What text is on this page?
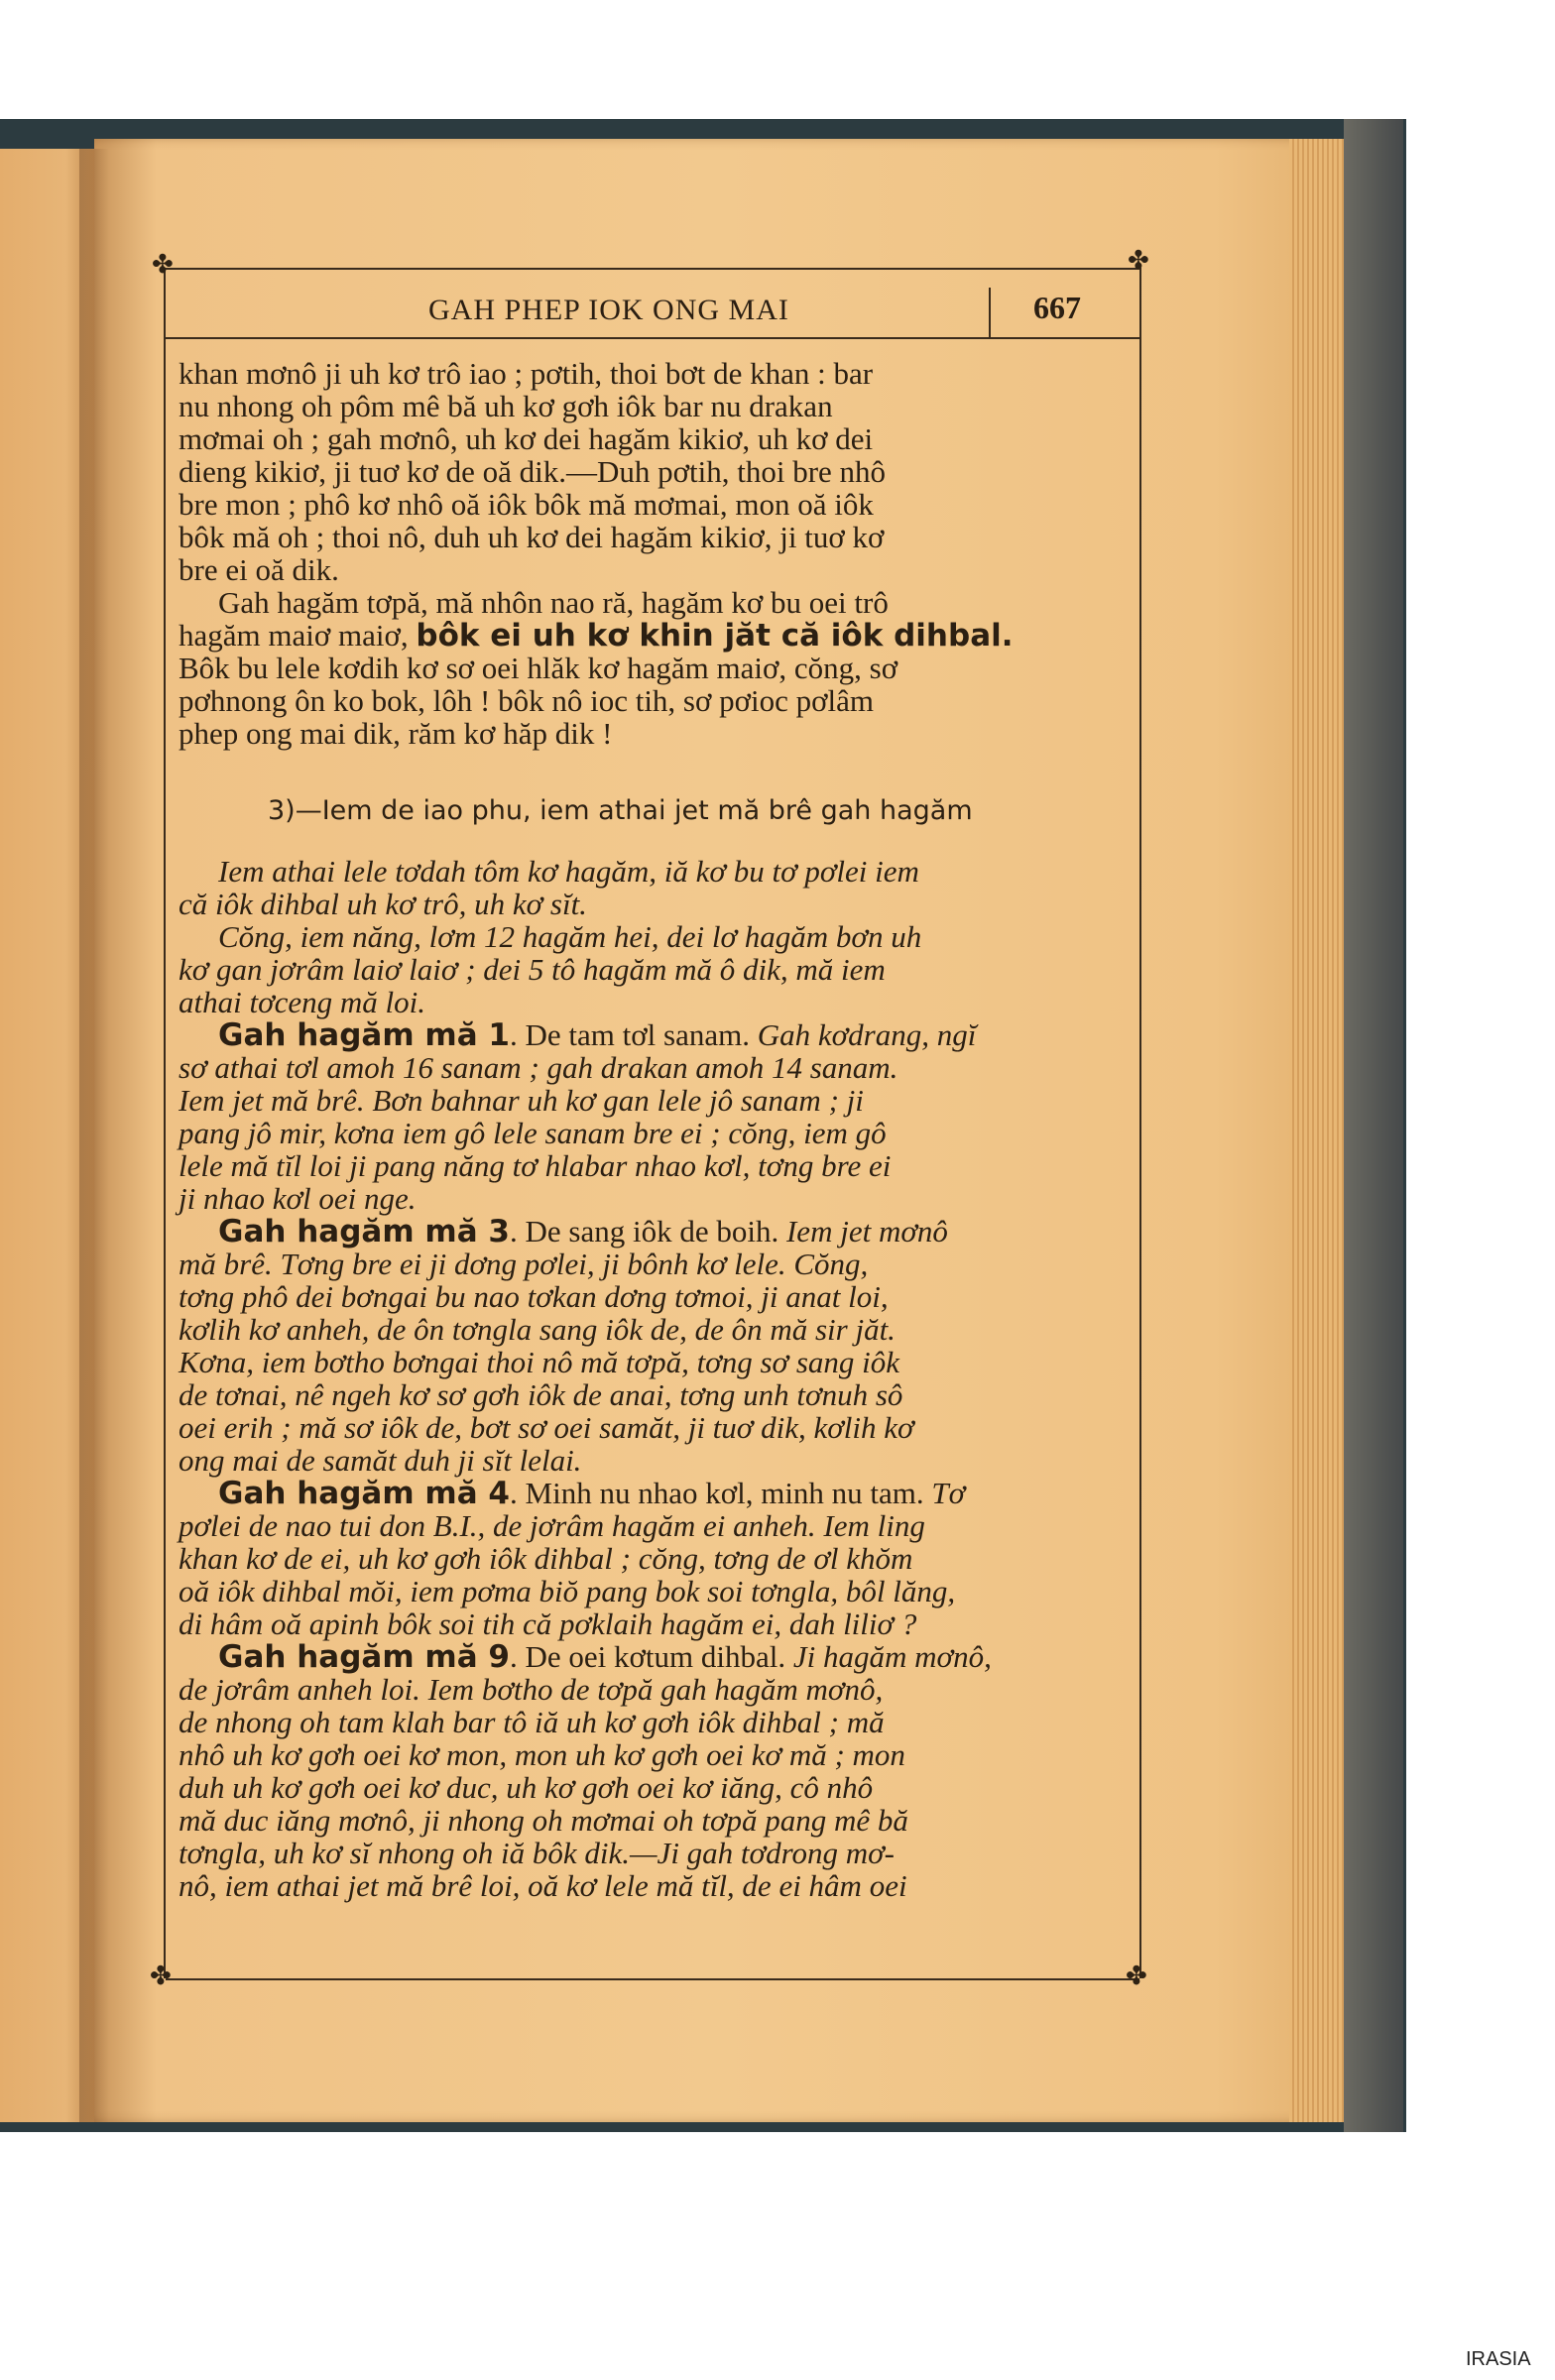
✤	✤
✤	✤
GAH PHEP IOK ONG MAI	667
khan mơnô ji uh kơ trô iao ; pơtih, thoi bơt de khan : bar
nu nhong oh pôm mê bă uh kơ gơh iôk bar nu drakan
mơmai oh ; gah mơnô, uh kơ dei hagăm kikiơ, uh kơ dei
dieng kikiơ, ji tuơ kơ de oă dik.—Duh pơtih, thoi bre nhô
bre mon ; phô kơ nhô oă iôk bôk mă mơmai, mon oă iôk
bôk mă oh ; thoi nô, duh uh kơ dei hagăm kikiơ, ji tuơ kơ
bre ei oă dik.
Gah hagăm tơpă, mă nhôn nao ră, hagăm kơ bu oei trô
hagăm maiơ maiơ, bôk ei uh kơ khin jăt că iôk dihbal.
Bôk bu lele kơdih kơ sơ oei hlăk kơ hagăm maiơ, cŏng, sơ
pơhnong ôn ko bok, lôh ! bôk nô ioc tih, sơ pơioc pơlâm
phep ong mai dik, răm kơ hăp dik !
3)—Iem de iao phu, iem athai jet mă brê gah hagăm
Iem athai lele tơdah tôm kơ hagăm, iă kơ bu tơ pơlei iem
că iôk dihbal uh kơ trô, uh kơ sĭt.
Cŏng, iem năng, lơm 12 hagăm hei, dei lơ hagăm bơn uh
kơ gan jơrâm laiơ laiơ ; dei 5 tô hagăm mă ô dik, mă iem
athai tơceng mă loi.
Gah hagăm mă 1. De tam tơl sanam. Gah kơdrang, ngĭ
sơ athai tơl amoh 16 sanam ; gah drakan amoh 14 sanam.
Iem jet mă brê. Bơn bahnar uh kơ gan lele jô sanam ; ji
pang jô mir, kơna iem gô lele sanam bre ei ; cŏng, iem gô
lele mă tĭl loi ji pang năng tơ hlabar nhao kơl, tơng bre ei
ji nhao kơl oei nge.
Gah hagăm mă 3. De sang iôk de boih. Iem jet mơnô
mă brê. Tơng bre ei ji dơng pơlei, ji bônh kơ lele. Cŏng,
tơng phô dei bơngai bu nao tơkan dơng tơmoi, ji anat loi,
kơlih kơ anheh, de ôn tơngla sang iôk de, de ôn mă sir jăt.
Kơna, iem bơtho bơngai thoi nô mă tơpă, tơng sơ sang iôk
de tơnai, nê ngeh kơ sơ gơh iôk de anai, tơng unh tơnuh sô
oei erih ; mă sơ iôk de, bơt sơ oei samăt, ji tuơ dik, kơlih kơ
ong mai de samăt duh ji sĭt lelai.
Gah hagăm mă 4. Minh nu nhao kơl, minh nu tam. Tơ
pơlei de nao tui don B.I., de jơrâm hagăm ei anheh. Iem ling
khan kơ de ei, uh kơ gơh iôk dihbal ; cŏng, tơng de ơl khŏm
oă iôk dihbal mŏi, iem pơma biŏ pang bok soi tơngla, bôl lăng,
di hâm oă apinh bôk soi tih că pơklaih hagăm ei, dah liliơ ?
Gah hagăm mă 9. De oei kơtum dihbal. Ji hagăm mơnô,
de jơrâm anheh loi. Iem bơtho de tơpă gah hagăm mơnô,
de nhong oh tam klah bar tô iă uh kơ gơh iôk dihbal ; mă
nhô uh kơ gơh oei kơ mon, mon uh kơ gơh oei kơ mă ; mon
duh uh kơ gơh oei kơ duc, uh kơ gơh oei kơ iăng, cô nhô
mă duc iăng mơnô, ji nhong oh mơmai oh tơpă pang mê bă
tơngla, uh kơ sĭ nhong oh iă bôk dik.—Ji gah tơdrong mơ-
nô, iem athai jet mă brê loi, oă kơ lele mă tĭl, de ei hâm oei
IRASIA
